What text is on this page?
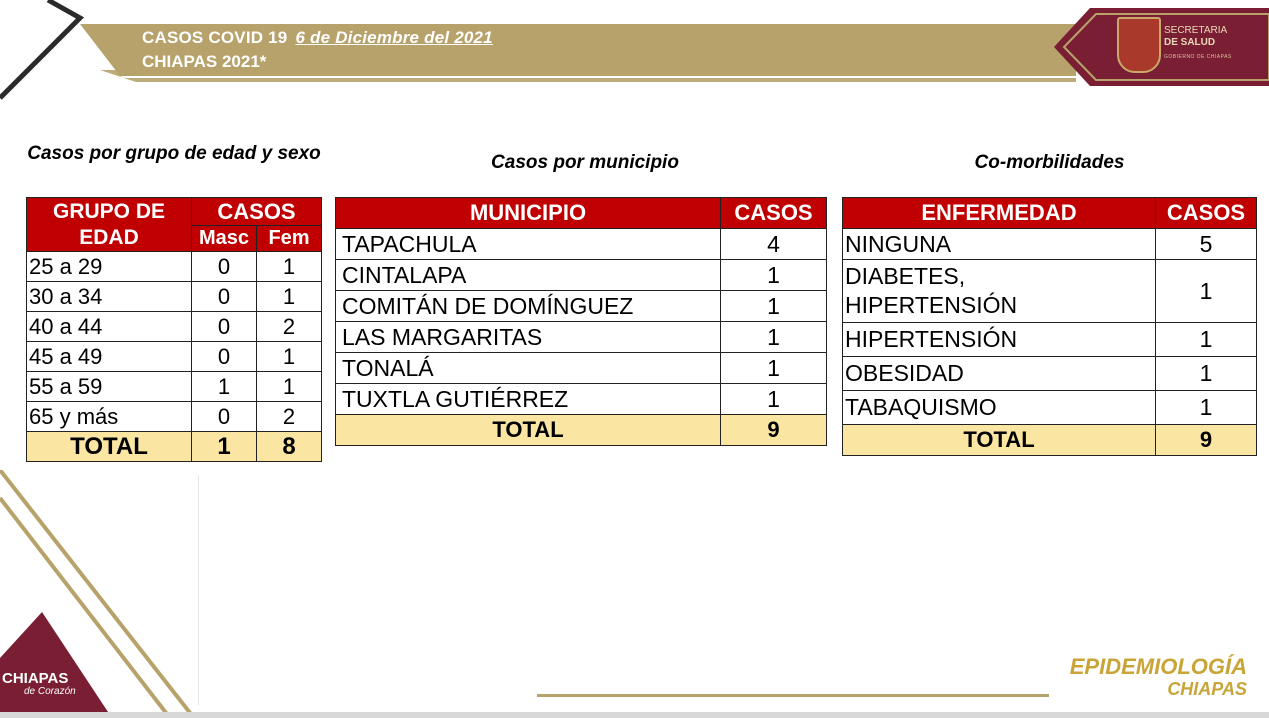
CASOS COVID 19 6 de Diciembre del 2021
CHIAPAS 2021*
SECRETARIA
DE SALUD
GOBIERNO DE CHIAPAS
Casos por grupo de edad y sexo	Casos por municipio	Co-morbilidades
GRUPO DE EDAD	CASOS	
	Masc	Fem
25 a 29	0	1
30 a 34	0	1
40 a 44	0	2
45 a 49	0	1
55 a 59	1	1
65 y más	0	2
TOTAL	1	8
MUNICIPIO	CASOS
TAPACHULA	4
CINTALAPA	1
COMITÁN DE DOMÍNGUEZ	1
LAS MARGARITAS	1
TONALÁ	1
TUXTLA GUTIÉRREZ	1
TOTAL	9
ENFERMEDAD	CASOS
NINGUNA	5
DIABETES,
HIPERTENSIÓN	1
HIPERTENSIÓN	1
OBESIDAD	1
TABAQUISMO	1
TOTAL	9
CHIAPAS
de Corazón
EPIDEMIOLOGÍA
CHIAPAS
